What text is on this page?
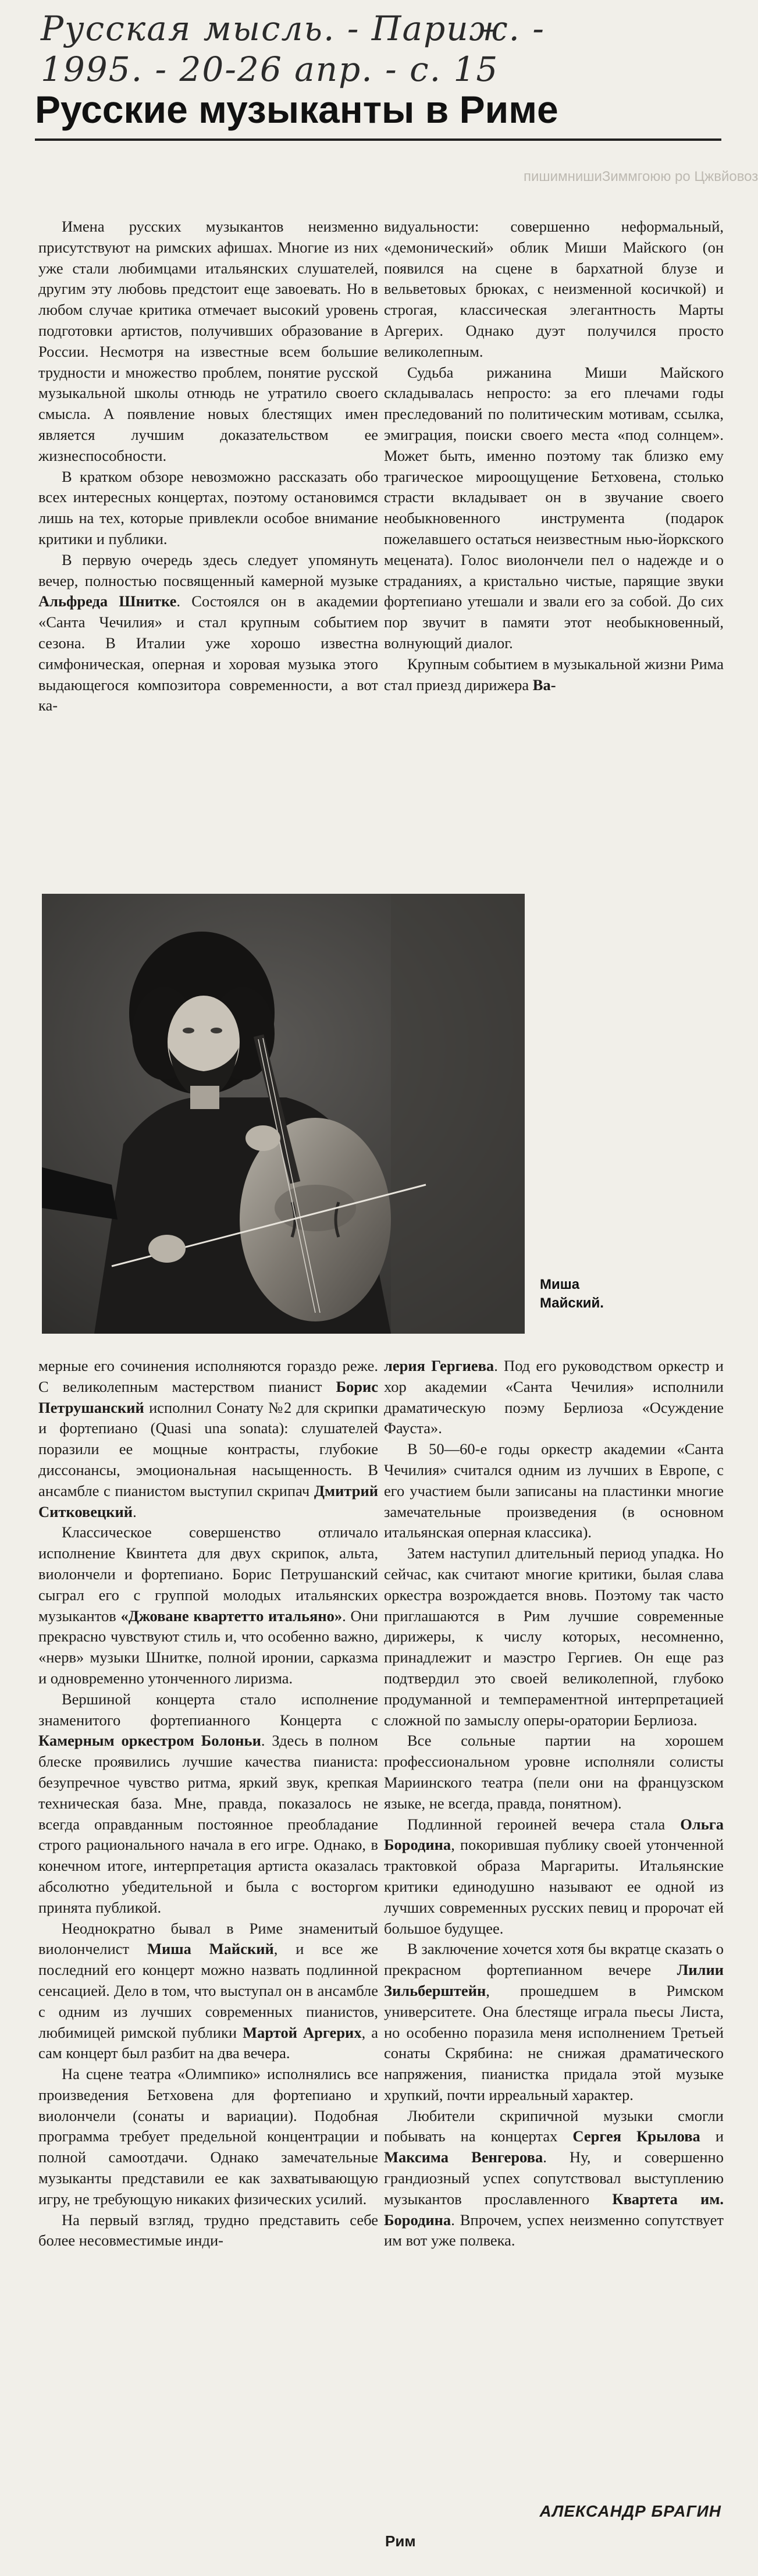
Русская мысль. - Париж. -
1995. - 20-26 апр. - с. 15
пишимнишиЗиммгоюю ро Цжвйовоз
Русские музыканты в Риме

Имена русских музыкантов неизменно присутствуют на римских афишах. Многие из них уже стали любимцами итальянских слушателей, другим эту любовь предстоит еще завоевать. Но в любом случае критика отмечает высокий уровень подготовки артистов, получивших образование в России. Несмотря на известные всем большие трудности и множество проблем, понятие русской музыкальной школы отнюдь не утратило своего смысла. А появление новых блестящих имен является лучшим доказательством ее жизнеспособности.

В кратком обзоре невозможно рассказать обо всех интересных концертах, поэтому остановимся лишь на тех, которые привлекли особое внимание критики и публики.

В первую очередь здесь следует упомянуть вечер, полностью посвященный камерной музыке Альфреда Шнитке. Состоялся он в академии «Санта Чечилия» и стал крупным событием сезона. В Италии уже хорошо известна симфоническая, оперная и хоровая музыка этого выдающегося композитора современности, а вот ка-

видуальности: совершенно неформальный, «демонический» облик Миши Майского (он появился на сцене в бархатной блузе и вельветовых брюках, с неизменной косичкой) и строгая, классическая элегантность Марты Аргерих. Однако дуэт получился просто великолепным.

Судьба рижанина Миши Майского складывалась непросто: за его плечами годы преследований по политическим мотивам, ссылка, эмиграция, поиски своего места «под солнцем». Может быть, именно поэтому так близко ему трагическое мироощущение Бетховена, столько страсти вкладывает он в звучание своего необыкновенного инструмента (подарок пожелавшего остаться неизвестным нью-йоркского мецената). Голос виолончели пел о надежде и о страданиях, а кристально чистые, парящие звуки фортепиано утешали и звали его за собой. До сих пор звучит в памяти этот необыкновенный, волнующий диалог.

Крупным событием в музыкальной жизни Рима стал приезд дирижера Ва-

Миша
Майский.

мерные его сочинения исполняются гораздо реже. С великолепным мастерством пианист Борис Петрушанский исполнил Сонату №2 для скрипки и фортепиано (Quasi una sonata): слушателей поразили ее мощные контрасты, глубокие диссонансы, эмоциональная насыщенность. В ансамбле с пианистом выступил скрипач Дмитрий Ситковецкий.

Классическое совершенство отличало исполнение Квинтета для двух скрипок, альта, виолончели и фортепиано. Борис Петрушанский сыграл его с группой молодых итальянских музыкантов «Джоване квартетто итальяно». Они прекрасно чувствуют стиль и, что особенно важно, «нерв» музыки Шнитке, полной иронии, сарказма и одновременно утонченного лиризма.

Вершиной концерта стало исполнение знаменитого фортепианного Концерта с Камерным оркестром Болоньи. Здесь в полном блеске проявились лучшие качества пианиста: безупречное чувство ритма, яркий звук, крепкая техническая база. Мне, правда, показалось не всегда оправданным постоянное преобладание строго рационального начала в его игре. Однако, в конечном итоге, интерпретация артиста оказалась абсолютно убедительной и была с восторгом принята публикой.

Неоднократно бывал в Риме знаменитый виолончелист Миша Майский, и все же последний его концерт можно назвать подлинной сенсацией. Дело в том, что выступал он в ансамбле с одним из лучших современных пианистов, любимицей римской публики Мартой Аргерих, а сам концерт был разбит на два вечера.

На сцене театра «Олимпико» исполнялись все произведения Бетховена для фортепиано и виолончели (сонаты и вариации). Подобная программа требует предельной концентрации и полной самоотдачи. Однако замечательные музыканты представили ее как захватывающую игру, не требующую никаких физических усилий.

На первый взгляд, трудно представить себе более несовместимые инди-

лерия Гергиева. Под его руководством оркестр и хор академии «Санта Чечилия» исполнили драматическую поэму Берлиоза «Осуждение Фауста».

В 50—60-е годы оркестр академии «Санта Чечилия» считался одним из лучших в Европе, с его участием были записаны на пластинки многие замечательные произведения (в основном итальянская оперная классика).

Затем наступил длительный период упадка. Но сейчас, как считают многие критики, былая слава оркестра возрождается вновь. Поэтому так часто приглашаются в Рим лучшие современные дирижеры, к числу которых, несомненно, принадлежит и маэстро Гергиев. Он еще раз подтвердил это своей великолепной, глубоко продуманной и темпераментной интерпретацией сложной по замыслу оперы-оратории Берлиоза.

Все сольные партии на хорошем профессиональном уровне исполняли солисты Мариинского театра (пели они на французском языке, не всегда, правда, понятном).

Подлинной героиней вечера стала Ольга Бородина, покорившая публику своей утонченной трактовкой образа Маргариты. Итальянские критики единодушно называют ее одной из лучших современных русских певиц и пророчат ей большое будущее.

В заключение хочется хотя бы вкратце сказать о прекрасном фортепианном вечере Лилии Зильберштейн, прошедшем в Римском университете. Она блестяще играла пьесы Листа, но особенно поразила меня исполнением Третьей сонаты Скрябина: не снижая драматического напряжения, пианистка придала этой музыке хрупкий, почти ирреальный характер.

Любители скрипичной музыки смогли побывать на концертах Сергея Крылова и Максима Венгерова. Ну, и совершенно грандиозный успех сопутствовал выступлению музыкантов прославленного Квартета им. Бородина. Впрочем, успех неизменно сопутствует им вот уже полвека.

АЛЕКСАНДР БРАГИН
Рим
